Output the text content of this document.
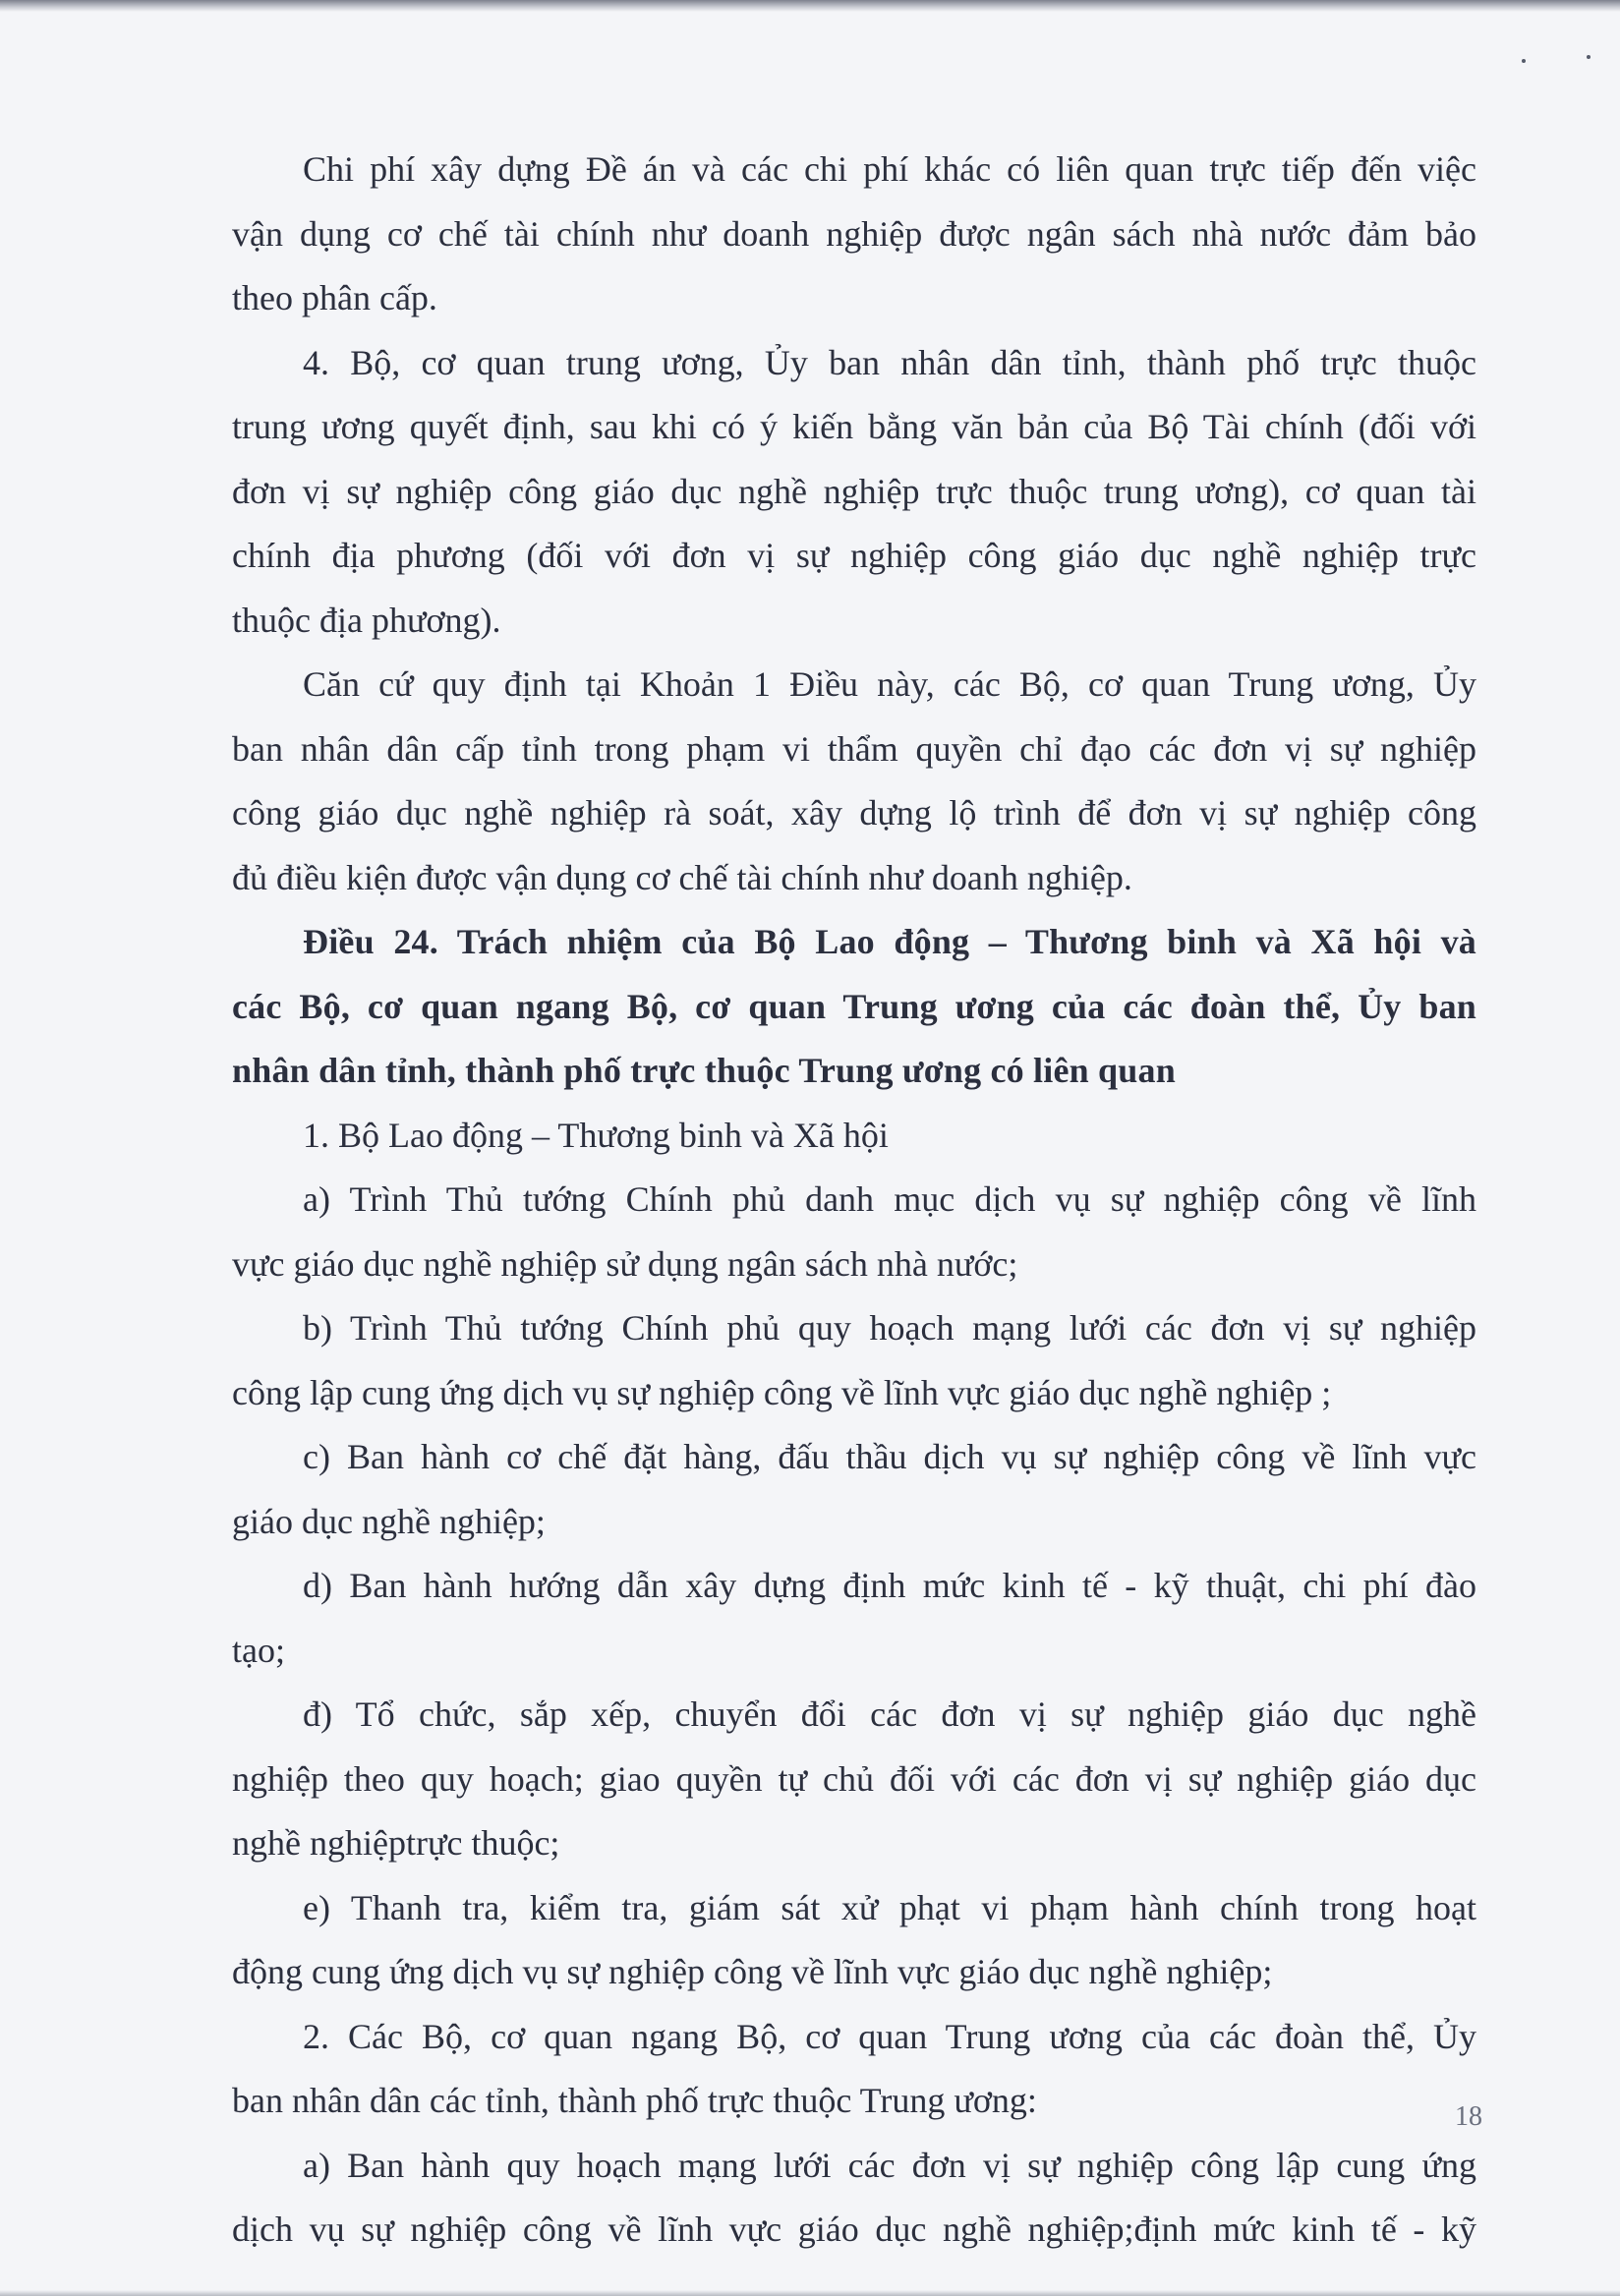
Chi phí xây dựng Đề án và các chi phí khác có liên quan trực tiếp đến việc
vận dụng cơ chế tài chính như doanh nghiệp được ngân sách nhà nước đảm bảo
theo phân cấp.
4. Bộ, cơ quan trung ương, Ủy ban nhân dân tỉnh, thành phố trực thuộc
trung ương quyết định, sau khi có ý kiến bằng văn bản của Bộ Tài chính (đối với
đơn vị sự nghiệp công giáo dục nghề nghiệp trực thuộc trung ương), cơ quan tài
chính địa phương (đối với đơn vị sự nghiệp công giáo dục nghề nghiệp trực
thuộc địa phương).
Căn cứ quy định tại Khoản 1 Điều này, các Bộ, cơ quan Trung ương, Ủy
ban nhân dân cấp tỉnh trong phạm vi thẩm quyền chỉ đạo các đơn vị sự nghiệp
công giáo dục nghề nghiệp rà soát, xây dựng lộ trình để đơn vị sự nghiệp công
đủ điều kiện được vận dụng cơ chế tài chính như doanh nghiệp.
Điều 24. Trách nhiệm của Bộ Lao động – Thương binh và Xã hội và
các Bộ, cơ quan ngang Bộ, cơ quan Trung ương của các đoàn thể, Ủy ban
nhân dân tỉnh, thành phố trực thuộc Trung ương có liên quan
1. Bộ Lao động – Thương binh và Xã hội
a) Trình Thủ tướng Chính phủ danh mục dịch vụ sự nghiệp công về lĩnh
vực giáo dục nghề nghiệp sử dụng ngân sách nhà nước;
b) Trình Thủ tướng Chính phủ quy hoạch mạng lưới các đơn vị sự nghiệp
công lập cung ứng dịch vụ sự nghiệp công về lĩnh vực giáo dục nghề nghiệp ;
c) Ban hành cơ chế đặt hàng, đấu thầu dịch vụ sự nghiệp công về lĩnh vực
giáo dục nghề nghiệp;
d) Ban hành hướng dẫn xây dựng định mức kinh tế - kỹ thuật, chi phí đào
tạo;
đ) Tổ chức, sắp xếp, chuyển đổi các đơn vị sự nghiệp giáo dục nghề
nghiệp theo quy hoạch; giao quyền tự chủ đối với các đơn vị sự nghiệp giáo dục
nghề nghiệptrực thuộc;
e) Thanh tra, kiểm tra, giám sát xử phạt vi phạm hành chính trong hoạt
động cung ứng dịch vụ sự nghiệp công về lĩnh vực giáo dục nghề nghiệp;
2. Các Bộ, cơ quan ngang Bộ, cơ quan Trung ương của các đoàn thể, Ủy
ban nhân dân các tỉnh, thành phố trực thuộc Trung ương:
a) Ban hành quy hoạch mạng lưới các đơn vị sự nghiệp công lập cung ứng
dịch vụ sự nghiệp công về lĩnh vực giáo dục nghề nghiệp;định mức kinh tế - kỹ
18
